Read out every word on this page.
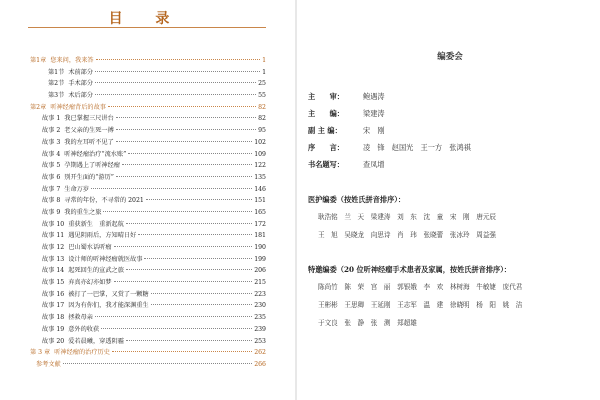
目 录
第1章 您来问，我来答	1
第1节 术前部分	1
第2节 手术部分	25
第3节 术后部分	55
第2章 听神经瘤背后的故事	82
故事 1 我已掌握三尺讲台	82
故事 2 老父亲的生死一搏	95
故事 3 我的左耳听不见了	102
故事 4 听神经瘤治疗“流水账”	109
故事 5 孕期遇上了听神经瘤	122
故事 6 别开生面的“游历”	135
故事 7 生命万岁	146
故事 8 寻常的年份，不寻常的 2021	151
故事 9 我的重生之旅	165
故事 10 重获新生　重新起航	172
故事 11 遇见阴雨后，方知晴日好	181
故事 12 巴山蜀水话听瘤	190
故事 13 设计师的听神经瘤就医故事	199
故事 14 起死回生的宣武之旅	206
故事 15 弃真亦幻亦如梦	215
故事 16 被打了一巴掌，又赏了一颗糖	223
故事 17 因为有你们，我才能深渊重生	230
故事 18 拯救母亲	235
故事 19 意外的收获	239
故事 20 爱若晨曦，穿透阴霾	253
第 3 章 听神经瘤的治疗历史	262
参考文献	266
编委会
主　　审：	鲍遇涛
主　　编：	梁建涛
副 主 编：	宋　刚
序　　言：	凌　锋　赵国光　王一方　张鸿祺
书名题写：	查凤增
医护编委（按姓氏拼音排序）：
耿浩铭　兰　天　梁建涛　刘　东　沈　童　宋　刚　唐元辰
王　旭　吴晓龙　向思诗　肖　玮　张晓蕾　张冰玲　周益强
特邀编委（20 位听神经瘤手术患者及家属，按姓氏拼音排序）：
陈尚竹　陈　荣　宫　丽　郭银娥　李　欢　林树海　牛敏婕　庞代君
王彬彬　王思卿　王延刚　王志军　温　建　徐晓明　杨　阳　姚　洁
于文良　张　静　张　测　郑超雄
